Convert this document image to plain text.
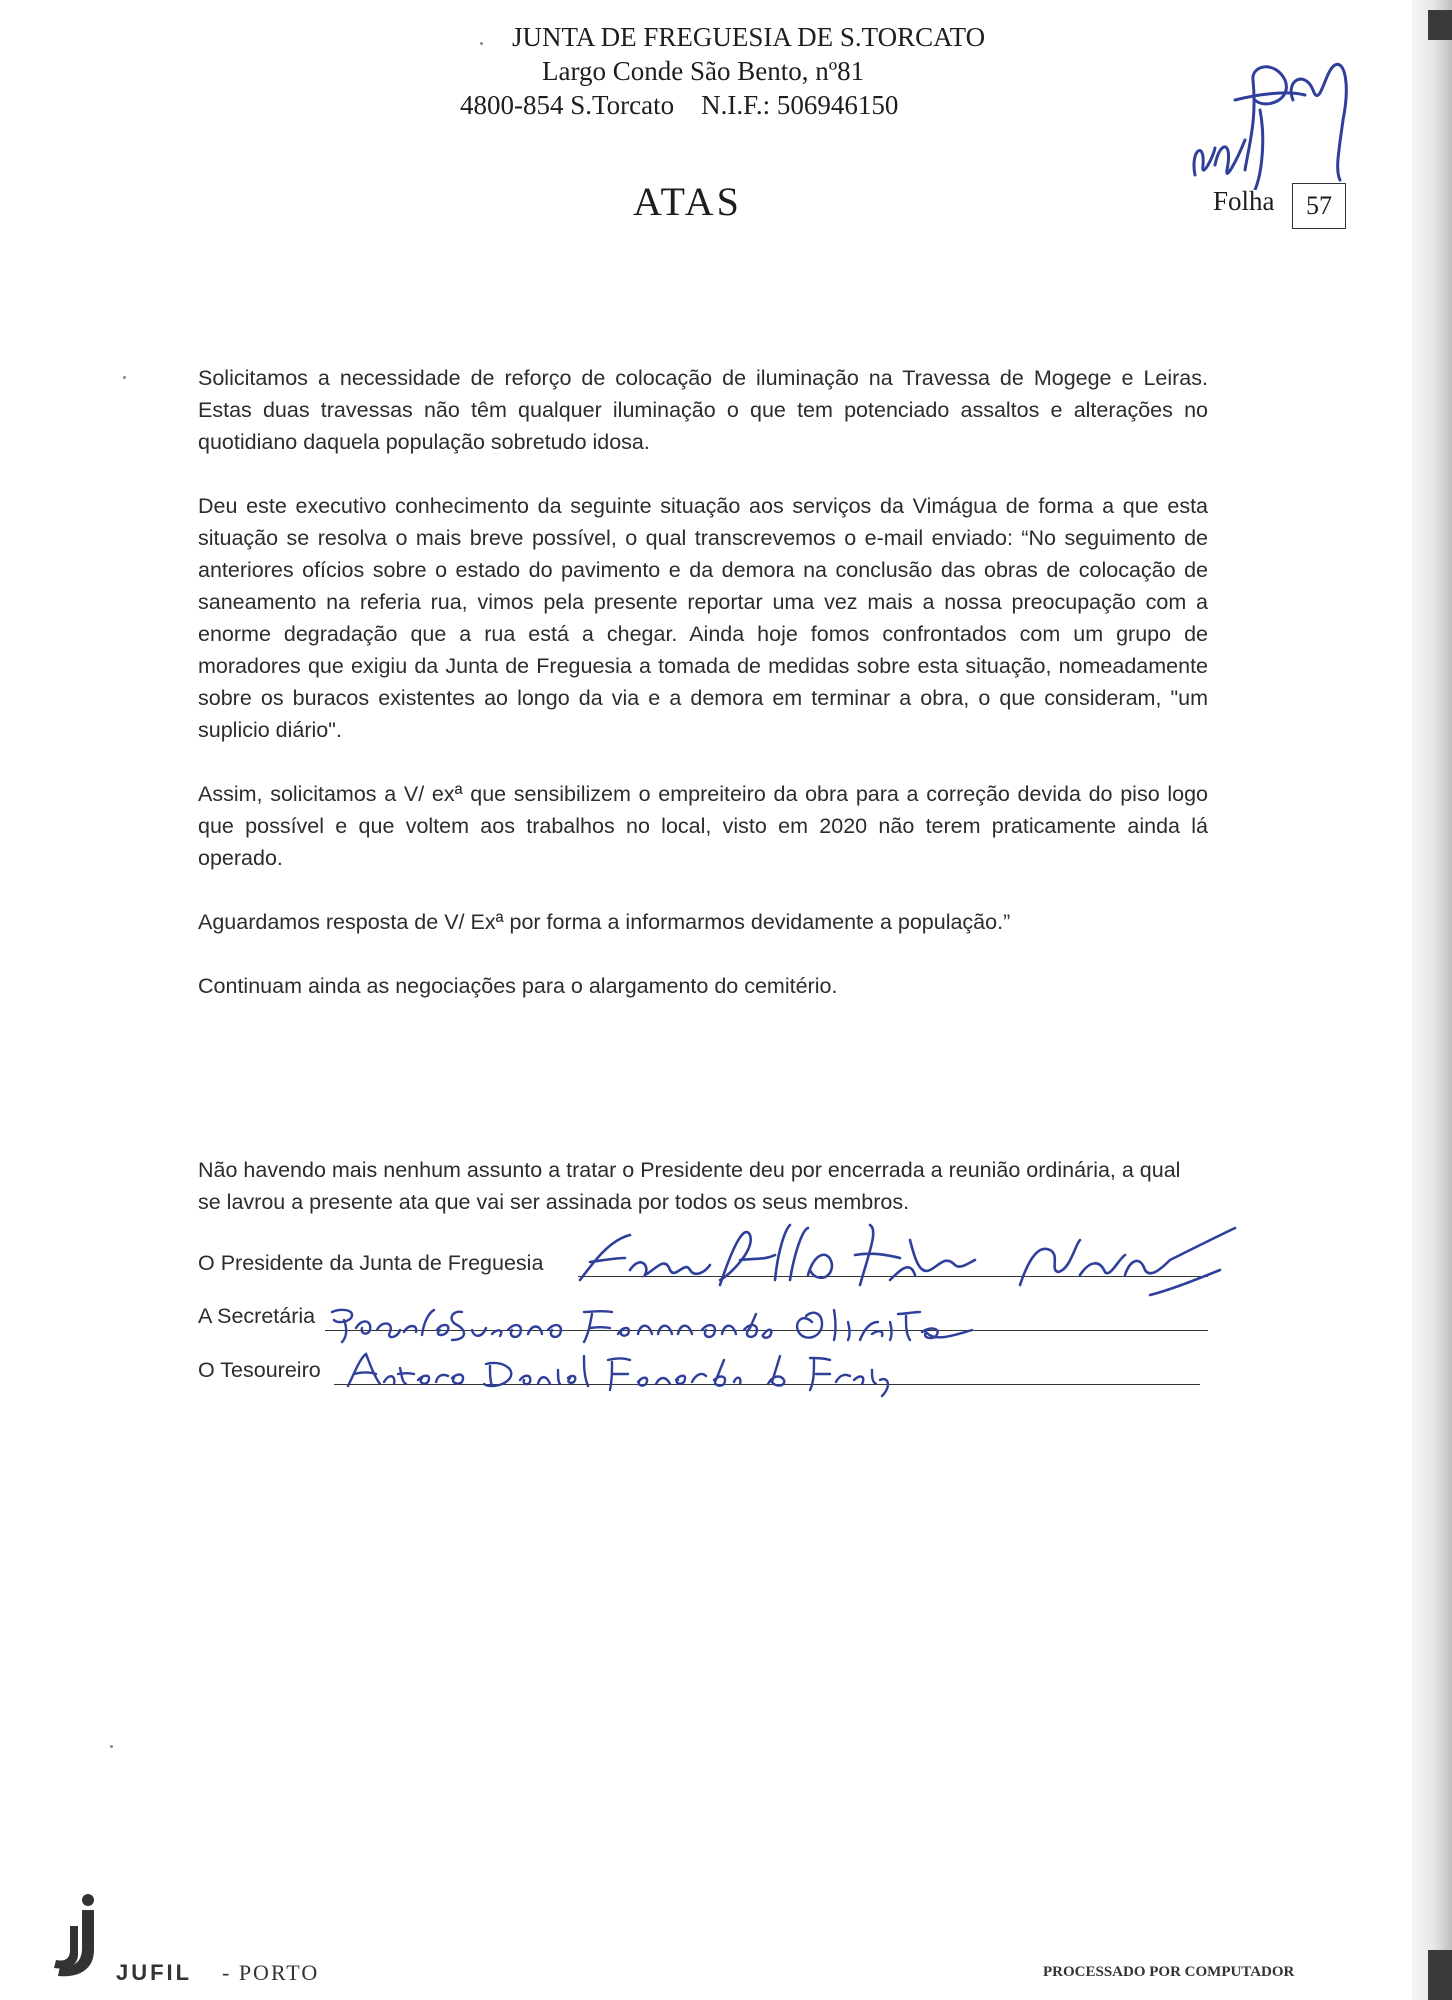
JUNTA DE FREGUESIA DE S.TORCATO
Largo Conde São Bento, nº81
4800-854 S.Torcato    N.I.F.: 506946150
ATAS	Folha	57

Solicitamos a necessidade de reforço de colocação de iluminação na Travessa de Mogege e Leiras. Estas duas travessas não têm qualquer iluminação o que tem potenciado assaltos e alterações no quotidiano daquela população sobretudo idosa.

Deu este executivo conhecimento da seguinte situação aos serviços da Vimágua de forma a que esta situação se resolva o mais breve possível, o qual transcrevemos o e-mail enviado: “No seguimento de anteriores ofícios sobre o estado do pavimento e da demora na conclusão das obras de colocação de saneamento na referia rua, vimos pela presente reportar uma vez mais a nossa preocupação com a enorme degradação que a rua está a chegar. Ainda hoje fomos confrontados com um grupo de moradores que exigiu da Junta de Freguesia a tomada de medidas sobre esta situação, nomeadamente sobre os buracos existentes ao longo da via e a demora em terminar a obra, o que consideram, "um suplicio diário".

Assim, solicitamos a V/ exª que sensibilizem o empreiteiro da obra para a correção devida do piso logo que possível e que voltem aos trabalhos no local, visto em 2020 não terem praticamente ainda lá operado.

Aguardamos resposta de V/ Exª por forma a informarmos devidamente a população.”

Continuam ainda as negociações para o alargamento do cemitério.

Não havendo mais nenhum assunto a tratar o Presidente deu por encerrada a reunião ordinária, a qual se lavrou a presente ata que vai ser assinada por todos os seus membros.

O Presidente da Junta de Freguesia
A Secretária
O Tesoureiro
JUFIL - PORTO	PROCESSADO POR COMPUTADOR
